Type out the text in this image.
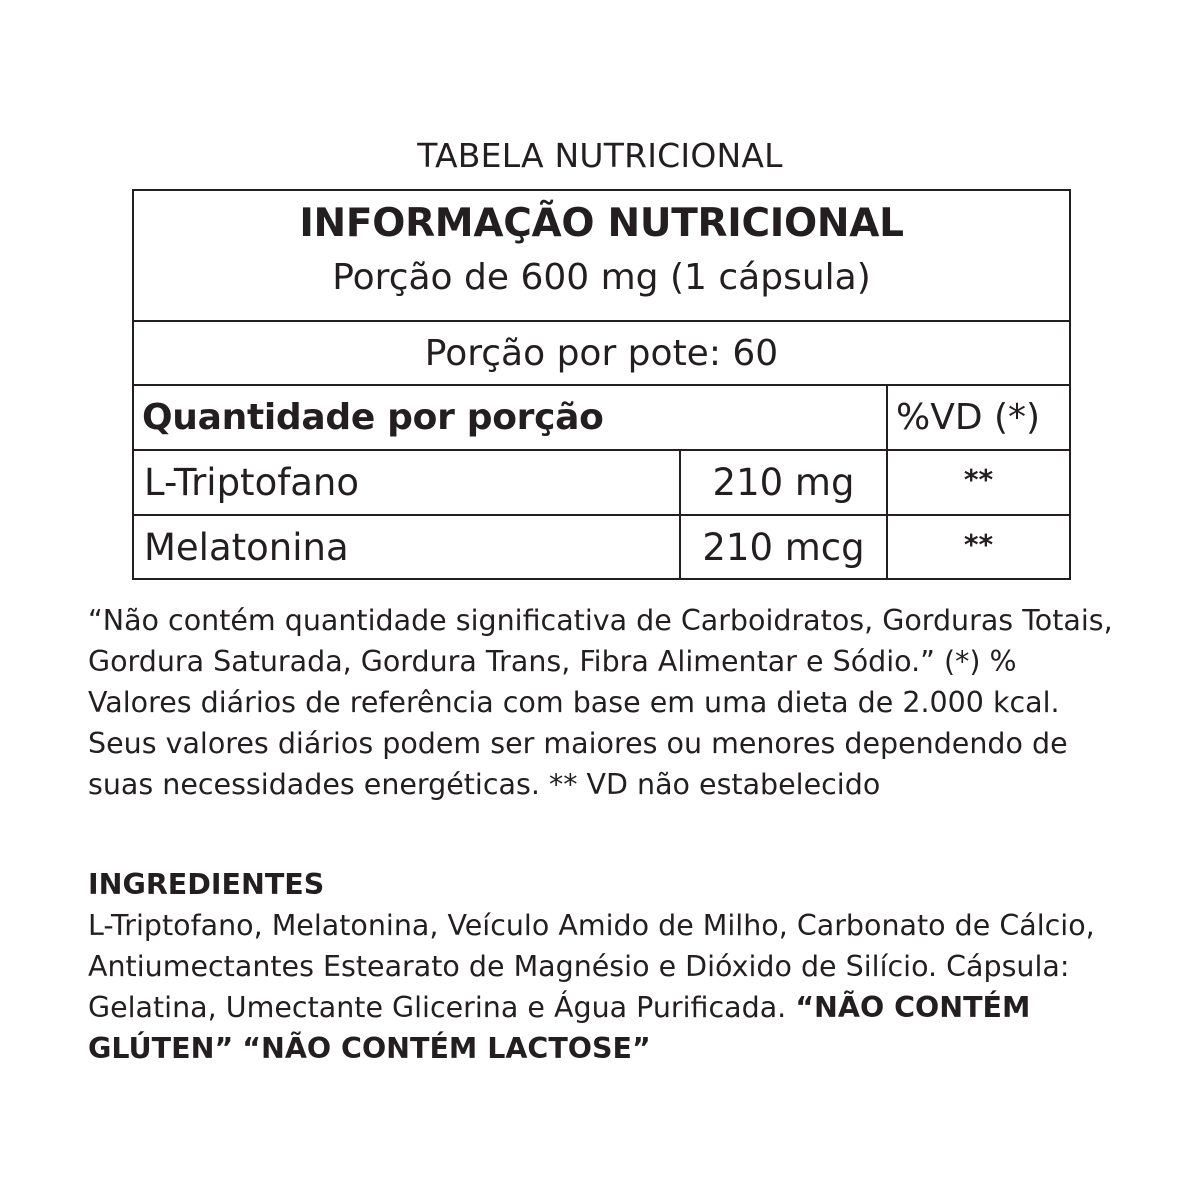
TABELA NUTRICIONAL
INFORMAÇÃO NUTRICIONAL
Porção de 600 mg (1 cápsula)
Porção por pote: 60
Quantidade por porção	%VD (*)
L-Triptofano	210 mg	**
Melatonina	210 mcg	**

“Não contém quantidade significativa de Carboidratos, Gorduras Totais, Gordura Saturada, Gordura Trans, Fibra Alimentar e Sódio.” (*) % Valores diários de referência com base em uma dieta de 2.000 kcal. Seus valores diários podem ser maiores ou menores dependendo de suas necessidades energéticas. ** VD não estabelecido

INGREDIENTES

L-Triptofano, Melatonina, Veículo Amido de Milho, Carbonato de Cálcio, Antiumectantes Estearato de Magnésio e Dióxido de Silício. Cápsula: Gelatina, Umectante Glicerina e Água Purificada. “NÃO CONTÉM GLÚTEN” “NÃO CONTÉM LACTOSE”
